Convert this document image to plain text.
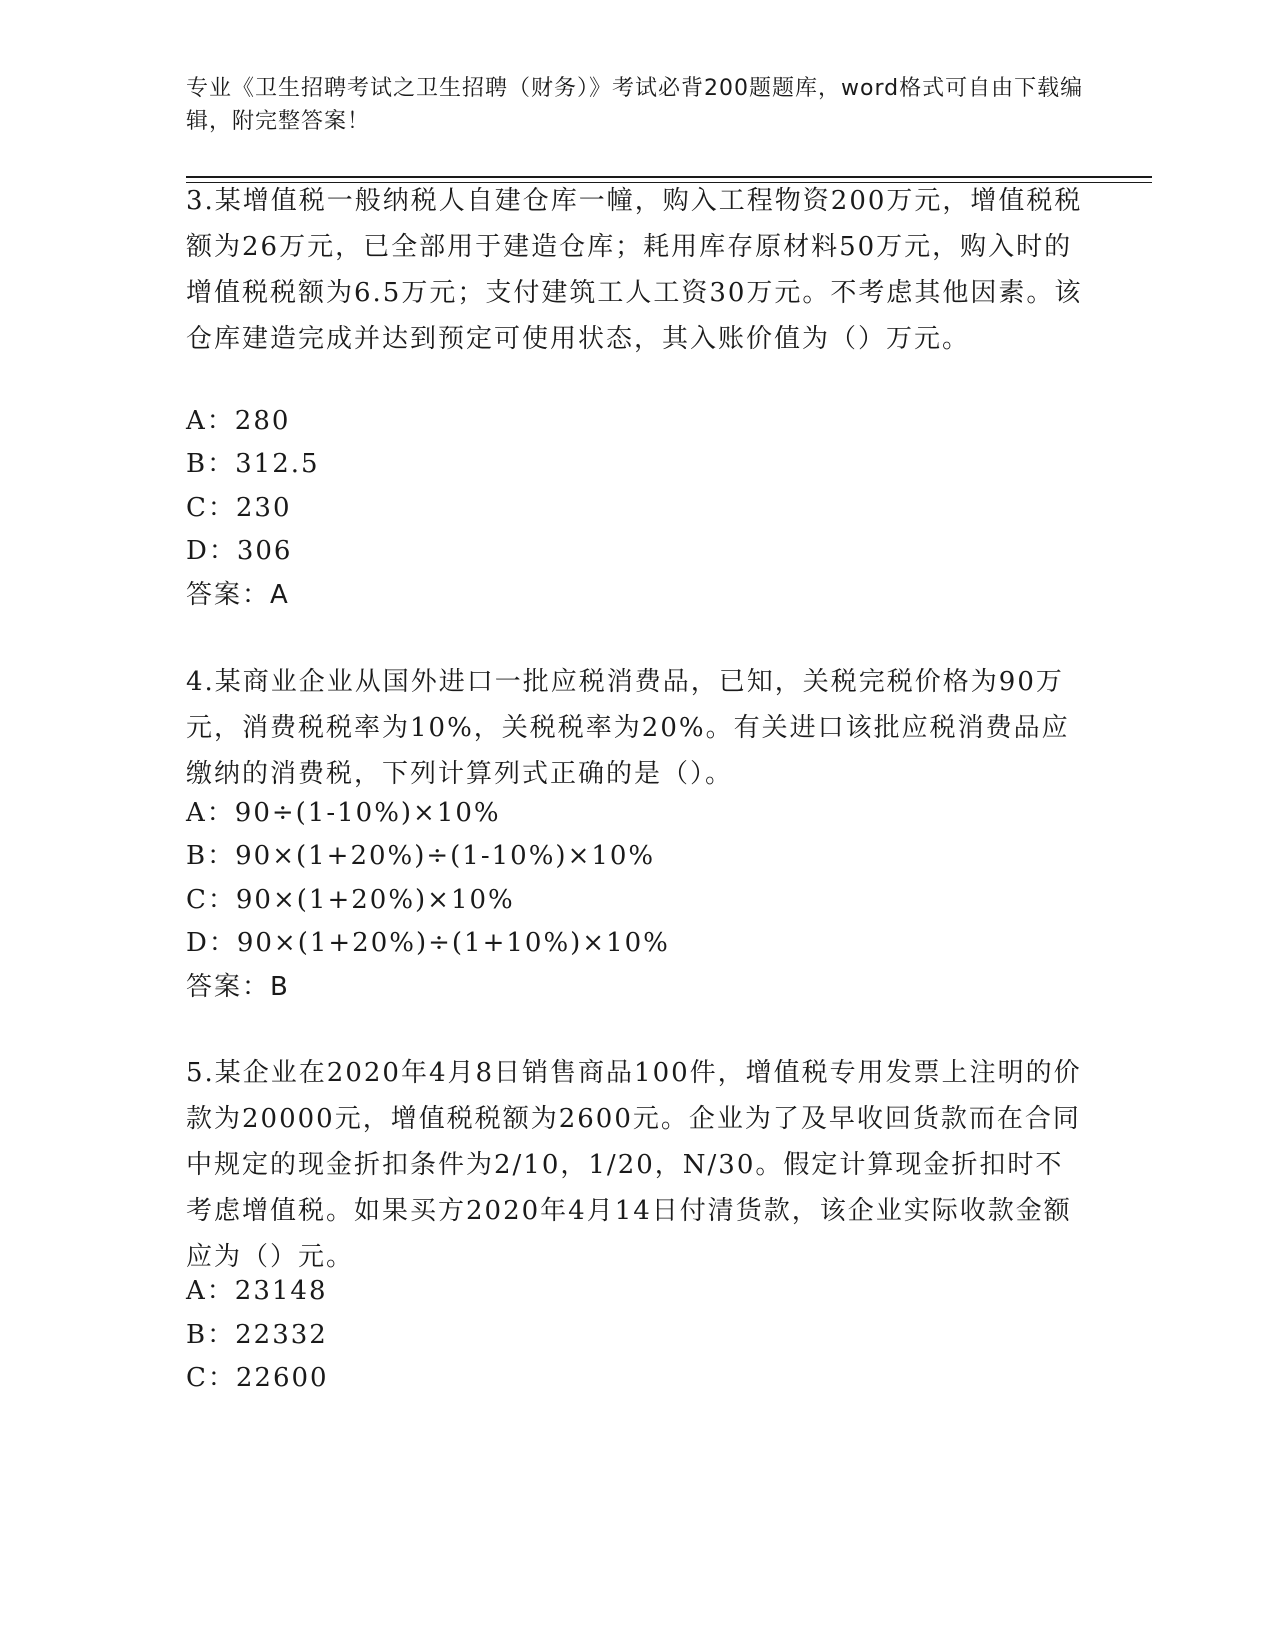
专业《卫生招聘考试之卫生招聘（财务）》考试必背200题题库，word格式可自由下载编辑，附完整答案！

3.某增值税一般纳税人自建仓库一幢，购入工程物资200万元，增值税税额为26万元，已全部用于建造仓库；耗用库存原材料50万元，购入时的增值税税额为6.5万元；支付建筑工人工资30万元。不考虑其他因素。该仓库建造完成并达到预定可使用状态，其入账价值为（）万元。

A：280

B：312.5

C：230

D：306

答案：A

4.某商业企业从国外进口一批应税消费品，已知，关税完税价格为90万元，消费税税率为10%，关税税率为20%。有关进口该批应税消费品应缴纳的消费税，下列计算列式正确的是（）。

A：90÷(1-10%)×10%

B：90×(1+20%)÷(1-10%)×10%

C：90×(1+20%)×10%

D：90×(1+20%)÷(1+10%)×10%

答案：B

5.某企业在2020年4月8日销售商品100件，增值税专用发票上注明的价款为20000元，增值税税额为2600元。企业为了及早收回货款而在合同中规定的现金折扣条件为2/10，1/20，N/30。假定计算现金折扣时不考虑增值税。如果买方2020年4月14日付清货款，该企业实际收款金额应为（）元。

A：23148

B：22332

C：22600
